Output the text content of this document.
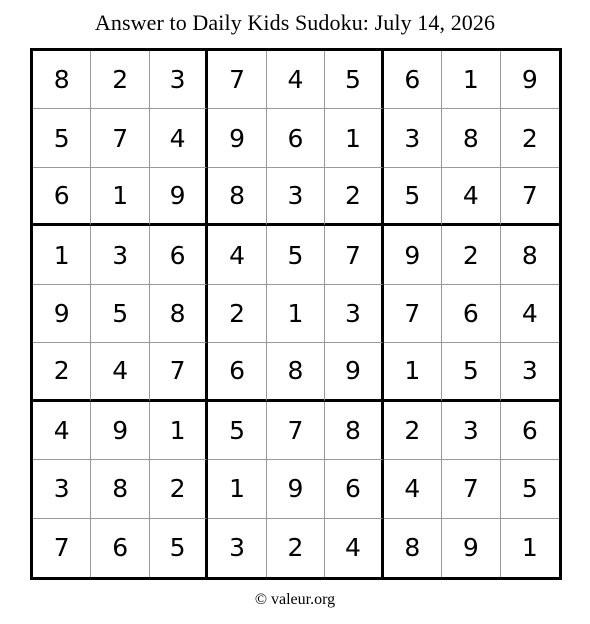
Answer to Daily Kids Sudoku: July 14, 2026
8	2	3	7	4	5	6	1	9
5	7	4	9	6	1	3	8	2
6	1	9	8	3	2	5	4	7
1	3	6	4	5	7	9	2	8
9	5	8	2	1	3	7	6	4
2	4	7	6	8	9	1	5	3
4	9	1	5	7	8	2	3	6
3	8	2	1	9	6	4	7	5
7	6	5	3	2	4	8	9	1
© valeur.org
